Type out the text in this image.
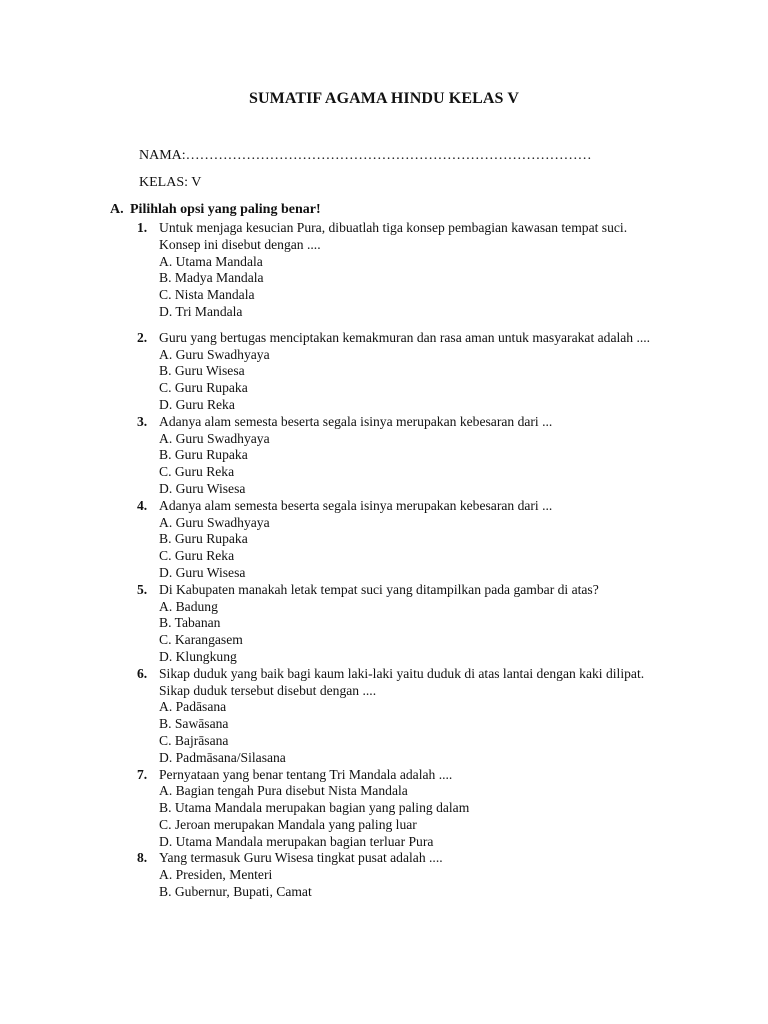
SUMATIF AGAMA HINDU KELAS V
NAMA:……………………………………………………………………………
KELAS: V
A. Pilihlah opsi yang paling benar!
1. Untuk menjaga kesucian Pura, dibuatlah tiga konsep pembagian kawasan tempat suci. Konsep ini disebut dengan ....
A. Utama Mandala
B. Madya Mandala
C. Nista Mandala
D. Tri Mandala
2. Guru yang bertugas menciptakan kemakmuran dan rasa aman untuk masyarakat adalah ....
A. Guru Swadhyaya
B. Guru Wisesa
C. Guru Rupaka
D. Guru Reka
3. Adanya alam semesta beserta segala isinya merupakan kebesaran dari ...
A. Guru Swadhyaya
B. Guru Rupaka
C. Guru Reka
D. Guru Wisesa
4. Adanya alam semesta beserta segala isinya merupakan kebesaran dari ...
A. Guru Swadhyaya
B. Guru Rupaka
C. Guru Reka
D. Guru Wisesa
5. Di Kabupaten manakah letak tempat suci yang ditampilkan pada gambar di atas?
A. Badung
B. Tabanan
C. Karangasem
D. Klungkung
6. Sikap duduk yang baik bagi kaum laki-laki yaitu duduk di atas lantai dengan kaki dilipat. Sikap duduk tersebut disebut dengan ....
A. Padāsana
B. Sawāsana
C. Bajrāsana
D. Padmāsana/Silasana
7. Pernyataan yang benar tentang Tri Mandala adalah ....
A. Bagian tengah Pura disebut Nista Mandala
B. Utama Mandala merupakan bagian yang paling dalam
C. Jeroan merupakan Mandala yang paling luar
D. Utama Mandala merupakan bagian terluar Pura
8. Yang termasuk Guru Wisesa tingkat pusat adalah ....
A. Presiden, Menteri
B. Gubernur, Bupati, Camat
